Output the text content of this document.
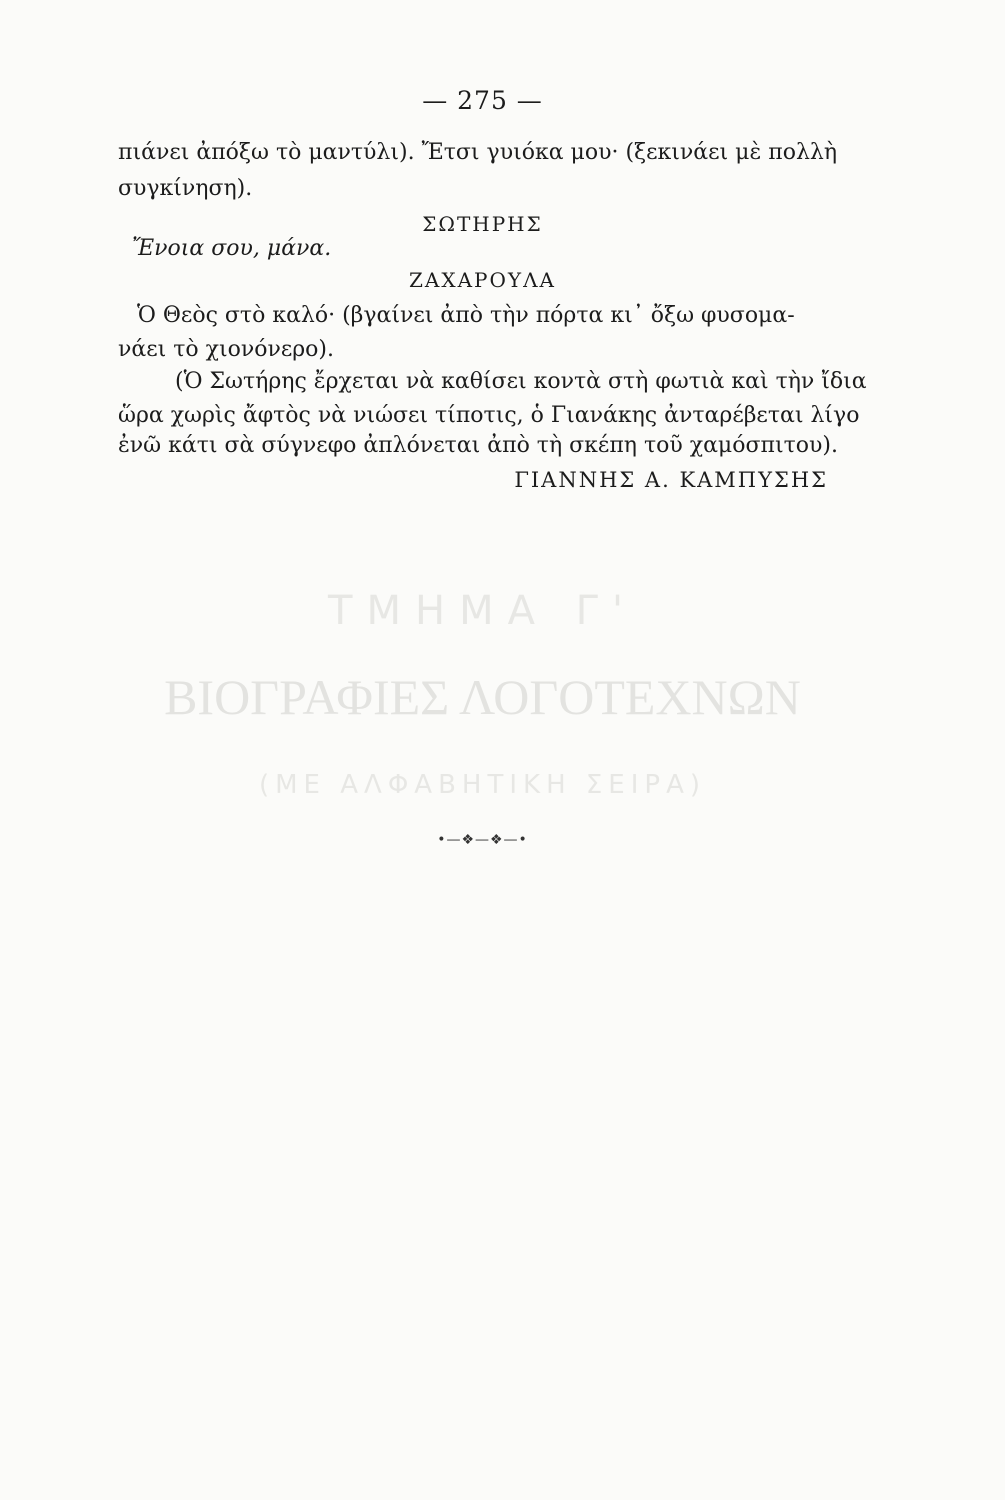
— 275 —
πιάνει ἀπόξω τὸ μαντύλι). Ἔτσι γυιόκα μου· (ξεκινάει μὲ πολλὴ
συγκίνηση).
ΣΩΤΗΡΗΣ
Ἔνοια σου, μάνα.
ΖΑΧΑΡΟΥΛΑ
Ὁ Θεὸς στὸ καλό· (βγαίνει ἀπὸ τὴν πόρτα κι᾽ ὄξω φυσομα-
νάει τὸ χιονόνερο).
(Ὁ Σωτήρης ἔρχεται νὰ καθίσει κοντὰ στὴ φωτιὰ καὶ τὴν ἴδια
ὥρα χωρὶς ἄφτὸς νὰ νιώσει τίποτις, ὁ Γιανάκης ἀνταρέβεται λίγο
ἐνῶ κάτι σὰ σύγνεφο ἀπλόνεται ἀπὸ τὴ σκέπη τοῦ χαμόσπιτου).
ΓΙΑΝΝΗΣ Α. ΚΑΜΠΥΣΗΣ
ΤΜΗΜΑ Γ'
ΒΙΟΓΡΑΦΙΕΣ ΛΟΓΟΤΕΧΝΩΝ
(ΜΕ ΑΛΦΑΒΗΤΙΚΗ ΣΕΙΡΑ)
•—❖—❖—•
